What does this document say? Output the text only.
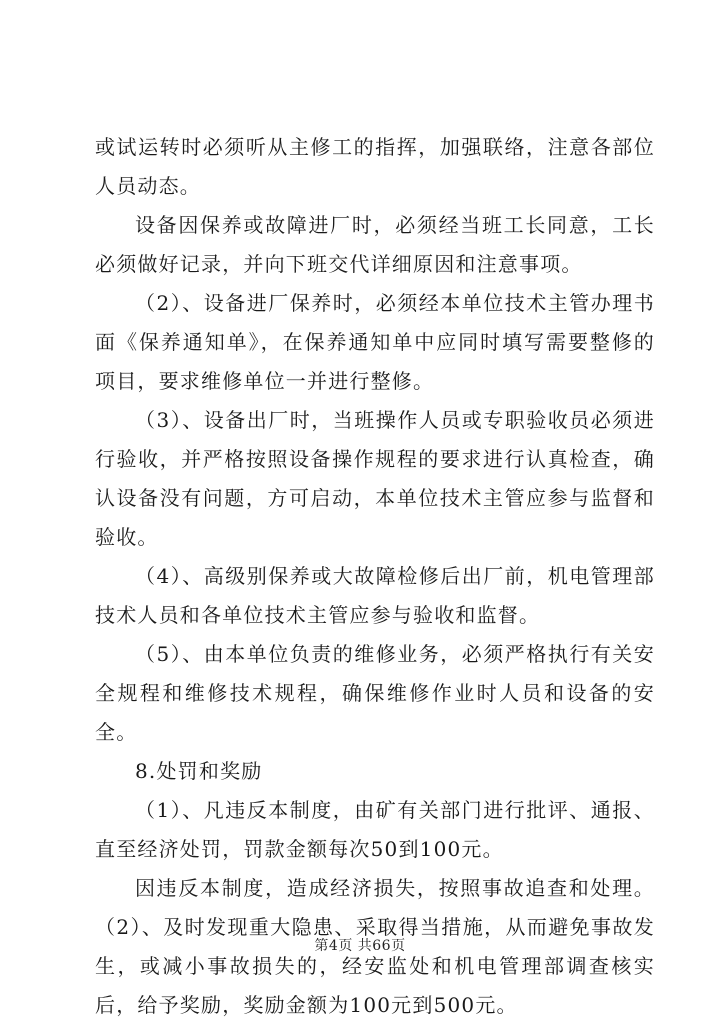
或试运转时必须听从主修工的指挥，加强联络，注意各部位人员动态。

设备因保养或故障进厂时，必须经当班工长同意，工长必须做好记录，并向下班交代详细原因和注意事项。

（2）、设备进厂保养时，必须经本单位技术主管办理书面《保养通知单》，在保养通知单中应同时填写需要整修的项目，要求维修单位一并进行整修。

（3）、设备出厂时，当班操作人员或专职验收员必须进行验收，并严格按照设备操作规程的要求进行认真检查，确认设备没有问题，方可启动，本单位技术主管应参与监督和验收。

（4）、高级别保养或大故障检修后出厂前，机电管理部技术人员和各单位技术主管应参与验收和监督。

（5）、由本单位负责的维修业务，必须严格执行有关安全规程和维修技术规程，确保维修作业时人员和设备的安全。

8.处罚和奖励

（1）、凡违反本制度，由矿有关部门进行批评、通报、直至经济处罚，罚款金额每次50到100元。

因违反本制度，造成经济损失，按照事故追查和处理。（2）、及时发现重大隐患、采取得当措施，从而避免事故发生，或减小事故损失的，经安监处和机电管理部调查核实后，给予奖励，奖励金额为100元到500元。

第4页 共66页
